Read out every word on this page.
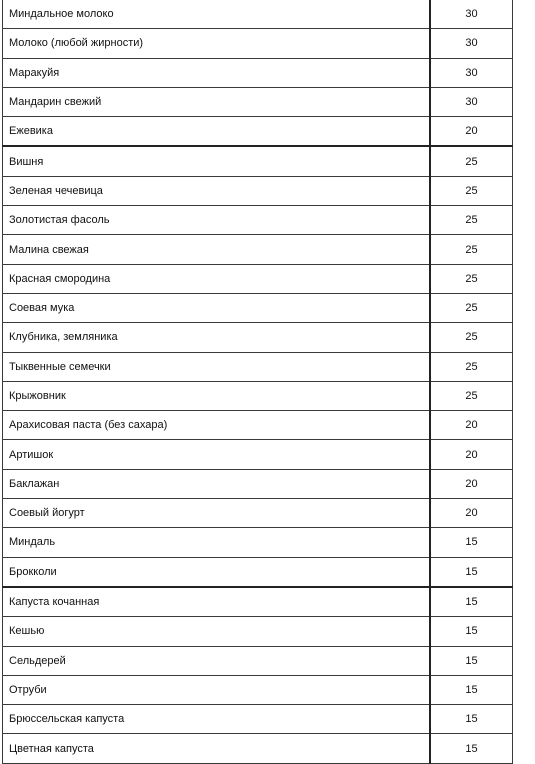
Миндальное молоко	30
Молоко (любой жирности)	30
Маракуйя	30
Мандарин свежий	30
Ежевика	20
Вишня	25
Зеленая чечевица	25
Золотистая фасоль	25
Малина свежая	25
Красная смородина	25
Соевая мука	25
Клубника, земляника	25
Тыквенные семечки	25
Крыжовник	25
Арахисовая паста (без сахара)	20
Артишок	20
Баклажан	20
Соевый йогурт	20
Миндаль	15
Брокколи	15
Капуста кочанная	15
Кешью	15
Сельдерей	15
Отруби	15
Брюссельская капуста	15
Цветная капуста	15
